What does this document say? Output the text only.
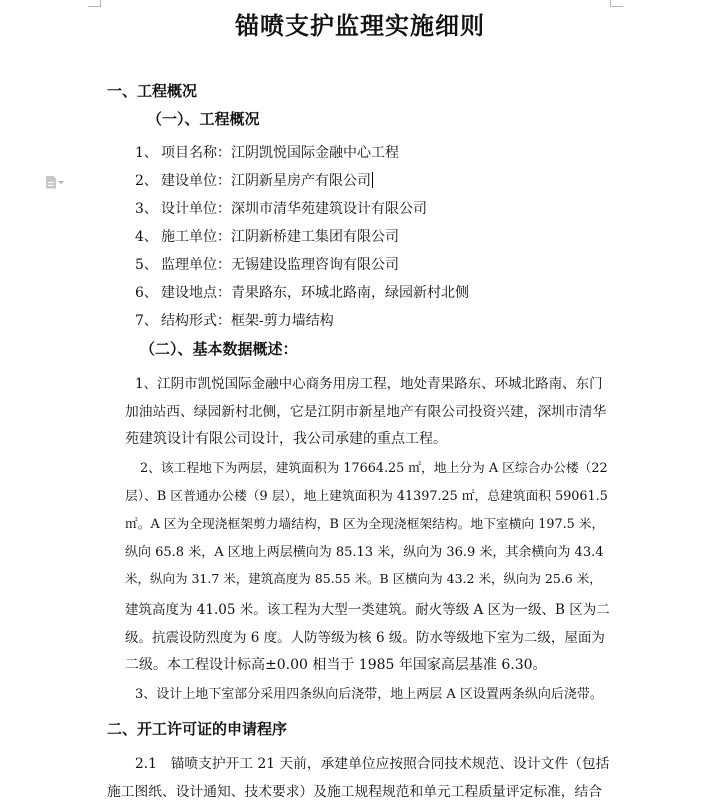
锚喷支护监理实施细则
一、工程概况
（一）、工程概况
1、 项目名称：江阴凯悦国际金融中心工程
2、 建设单位：江阴新星房产有限公司
3、 设计单位：深圳市清华苑建筑设计有限公司
4、 施工单位：江阴新桥建工集团有限公司
5、 监理单位：无锡建设监理咨询有限公司
6、 建设地点：青果路东，环城北路南，绿园新村北侧
7、 结构形式：框架-剪力墙结构
（二）、基本数据概述：
1、江阴市凯悦国际金融中心商务用房工程，地处青果路东、环城北路南、东门
加油站西、绿园新村北侧，它是江阴市新星地产有限公司投资兴建，深圳市清华
苑建筑设计有限公司设计，我公司承建的重点工程。
2、该工程地下为两层，建筑面积为 17664.25 ㎡，地上分为 A 区综合办公楼（22
层）、B 区普通办公楼（9 层），地上建筑面积为 41397.25 ㎡，总建筑面积 59061.5
㎡。A 区为全现浇框架剪力墙结构，B 区为全现浇框架结构。地下室横向 197.5 米，
纵向 65.8 米，A 区地上两层横向为 85.13 米，纵向为 36.9 米，其余横向为 43.4
米，纵向为 31.7 米，建筑高度为 85.55 米。B 区横向为 43.2 米，纵向为 25.6 米，
建筑高度为 41.05 米。该工程为大型一类建筑。耐火等级 A 区为一级、B 区为二
级。抗震设防烈度为 6 度。人防等级为核 6 级。防水等级地下室为二级，屋面为
二级。本工程设计标高±0.00 相当于 1985 年国家高层基准 6.30。
3、设计上地下室部分采用四条纵向后浇带，地上两层 A 区设置两条纵向后浇带。
二、开工许可证的申请程序
2.1　锚喷支护开工 21 天前，承建单位应按照合同技术规范、设计文件（包括
施工图纸、设计通知、技术要求）及施工规程规范和单元工程质量评定标准，结合
